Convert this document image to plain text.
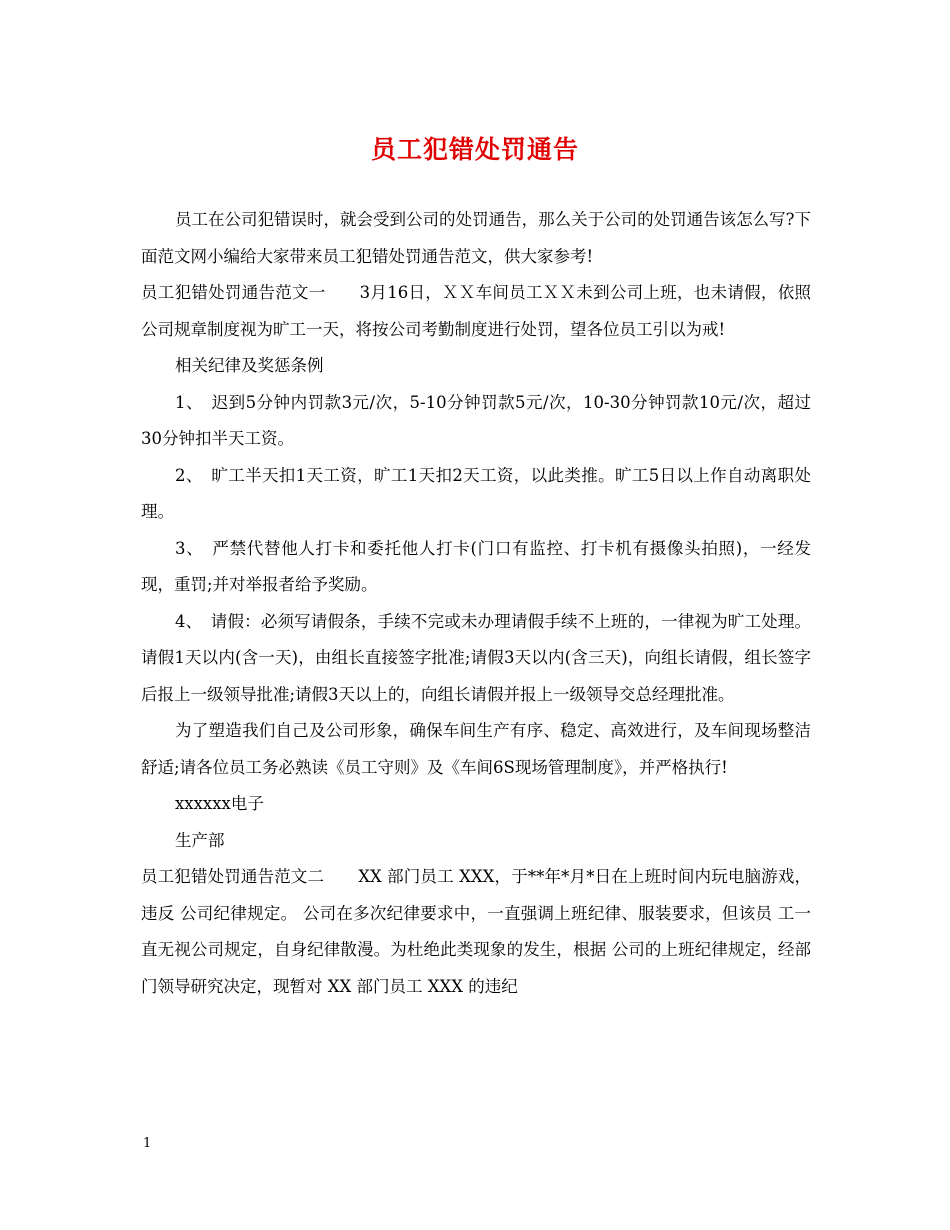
员工犯错处罚通告

员工在公司犯错误时，就会受到公司的处罚通告，那么关于公司的处罚通告该怎么写?下面范文网小编给大家带来员工犯错处罚通告范文，供大家参考!

员工犯错处罚通告范文一 3月16日，ＸＸ车间员工ＸＸ未到公司上班，也未请假，依照公司规章制度视为旷工一天，将按公司考勤制度进行处罚，望各位员工引以为戒!

相关纪律及奖惩条例

1、　迟到5分钟内罚款3元/次，5-10分钟罚款5元/次，10-30分钟罚款10元/次，超过30分钟扣半天工资。

2、　旷工半天扣1天工资，旷工1天扣2天工资，以此类推。旷工5日以上作自动离职处理。

3、　严禁代替他人打卡和委托他人打卡(门口有监控、打卡机有摄像头拍照)，一经发现，重罚;并对举报者给予奖励。

4、　请假：必须写请假条，手续不完或未办理请假手续不上班的，一律视为旷工处理。请假1天以内(含一天)，由组长直接签字批准;请假3天以内(含三天)，向组长请假，组长签字后报上一级领导批准;请假3天以上的，向组长请假并报上一级领导交总经理批准。

为了塑造我们自己及公司形象，确保车间生产有序、稳定、高效进行，及车间现场整洁舒适;请各位员工务必熟读《员工守则》及《车间6S现场管理制度》，并严格执行!

xxxxxx电子

生产部

员工犯错处罚通告范文二 XX 部门员工 XXX，于**年*月*日在上班时间内玩电脑游戏，违反 公司纪律规定。 公司在多次纪律要求中，一直强调上班纪律、服装要求，但该员 工一直无视公司规定，自身纪律散漫。为杜绝此类现象的发生，根据 公司的上班纪律规定，经部门领导研究决定，现暂对 XX 部门员工 XXX 的违纪

1
